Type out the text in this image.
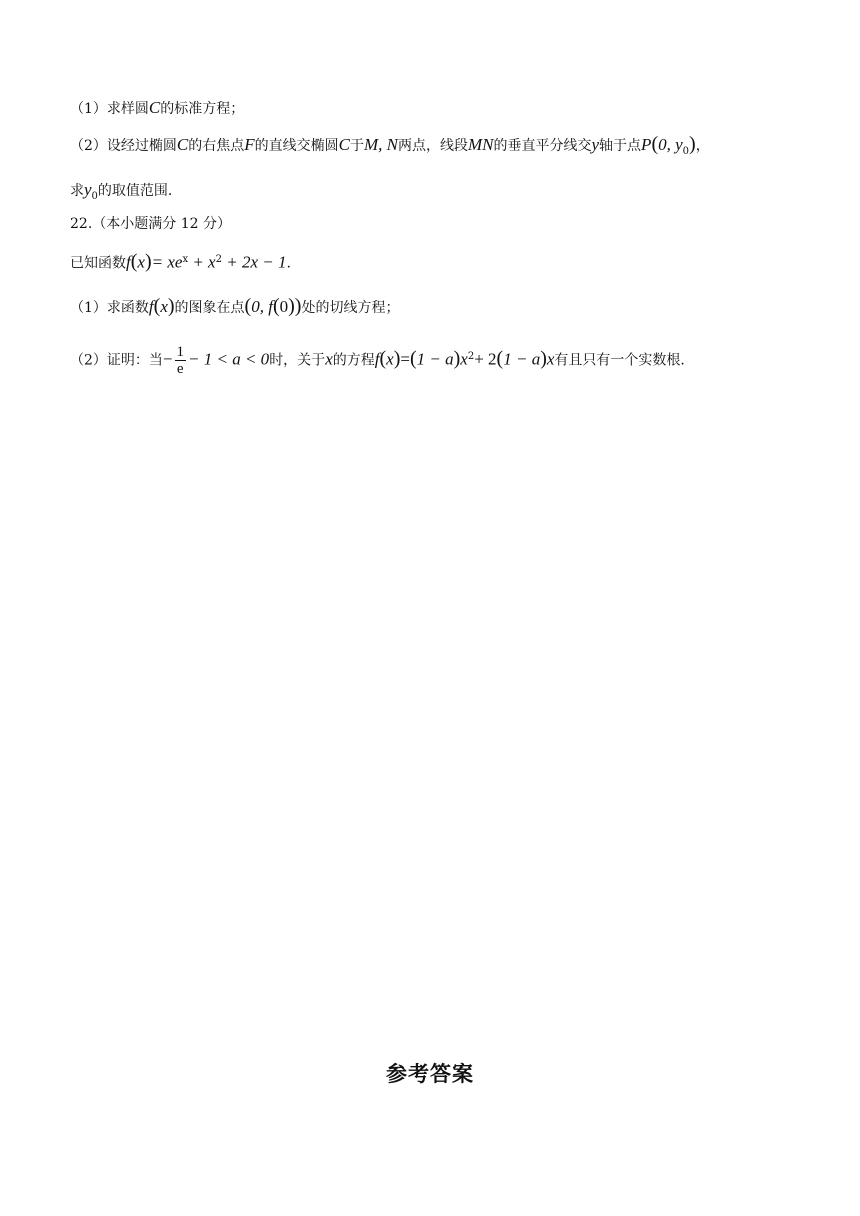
（1）求样圆C的标准方程；
（2）设经过椭圆C的右焦点F的直线交椭圆C于M, N两点，线段MN的垂直平分线交y轴于点P(0, $y_0$)，
求$y_0$的取值范围.
22.（本小题满分 12 分）
已知函数$f(x)= xe^x + x^2 + 2x - 1$.
（1）求函数f(x)的图象在点(0, f(0))处的切线方程；
（2）证明：当− $\frac{1}{e} - 1 < a < 0$时，关于x的方程$f(x)=(1 - a)x^2+ 2(1 - a)x$有且只有一个实数根.
参考答案
